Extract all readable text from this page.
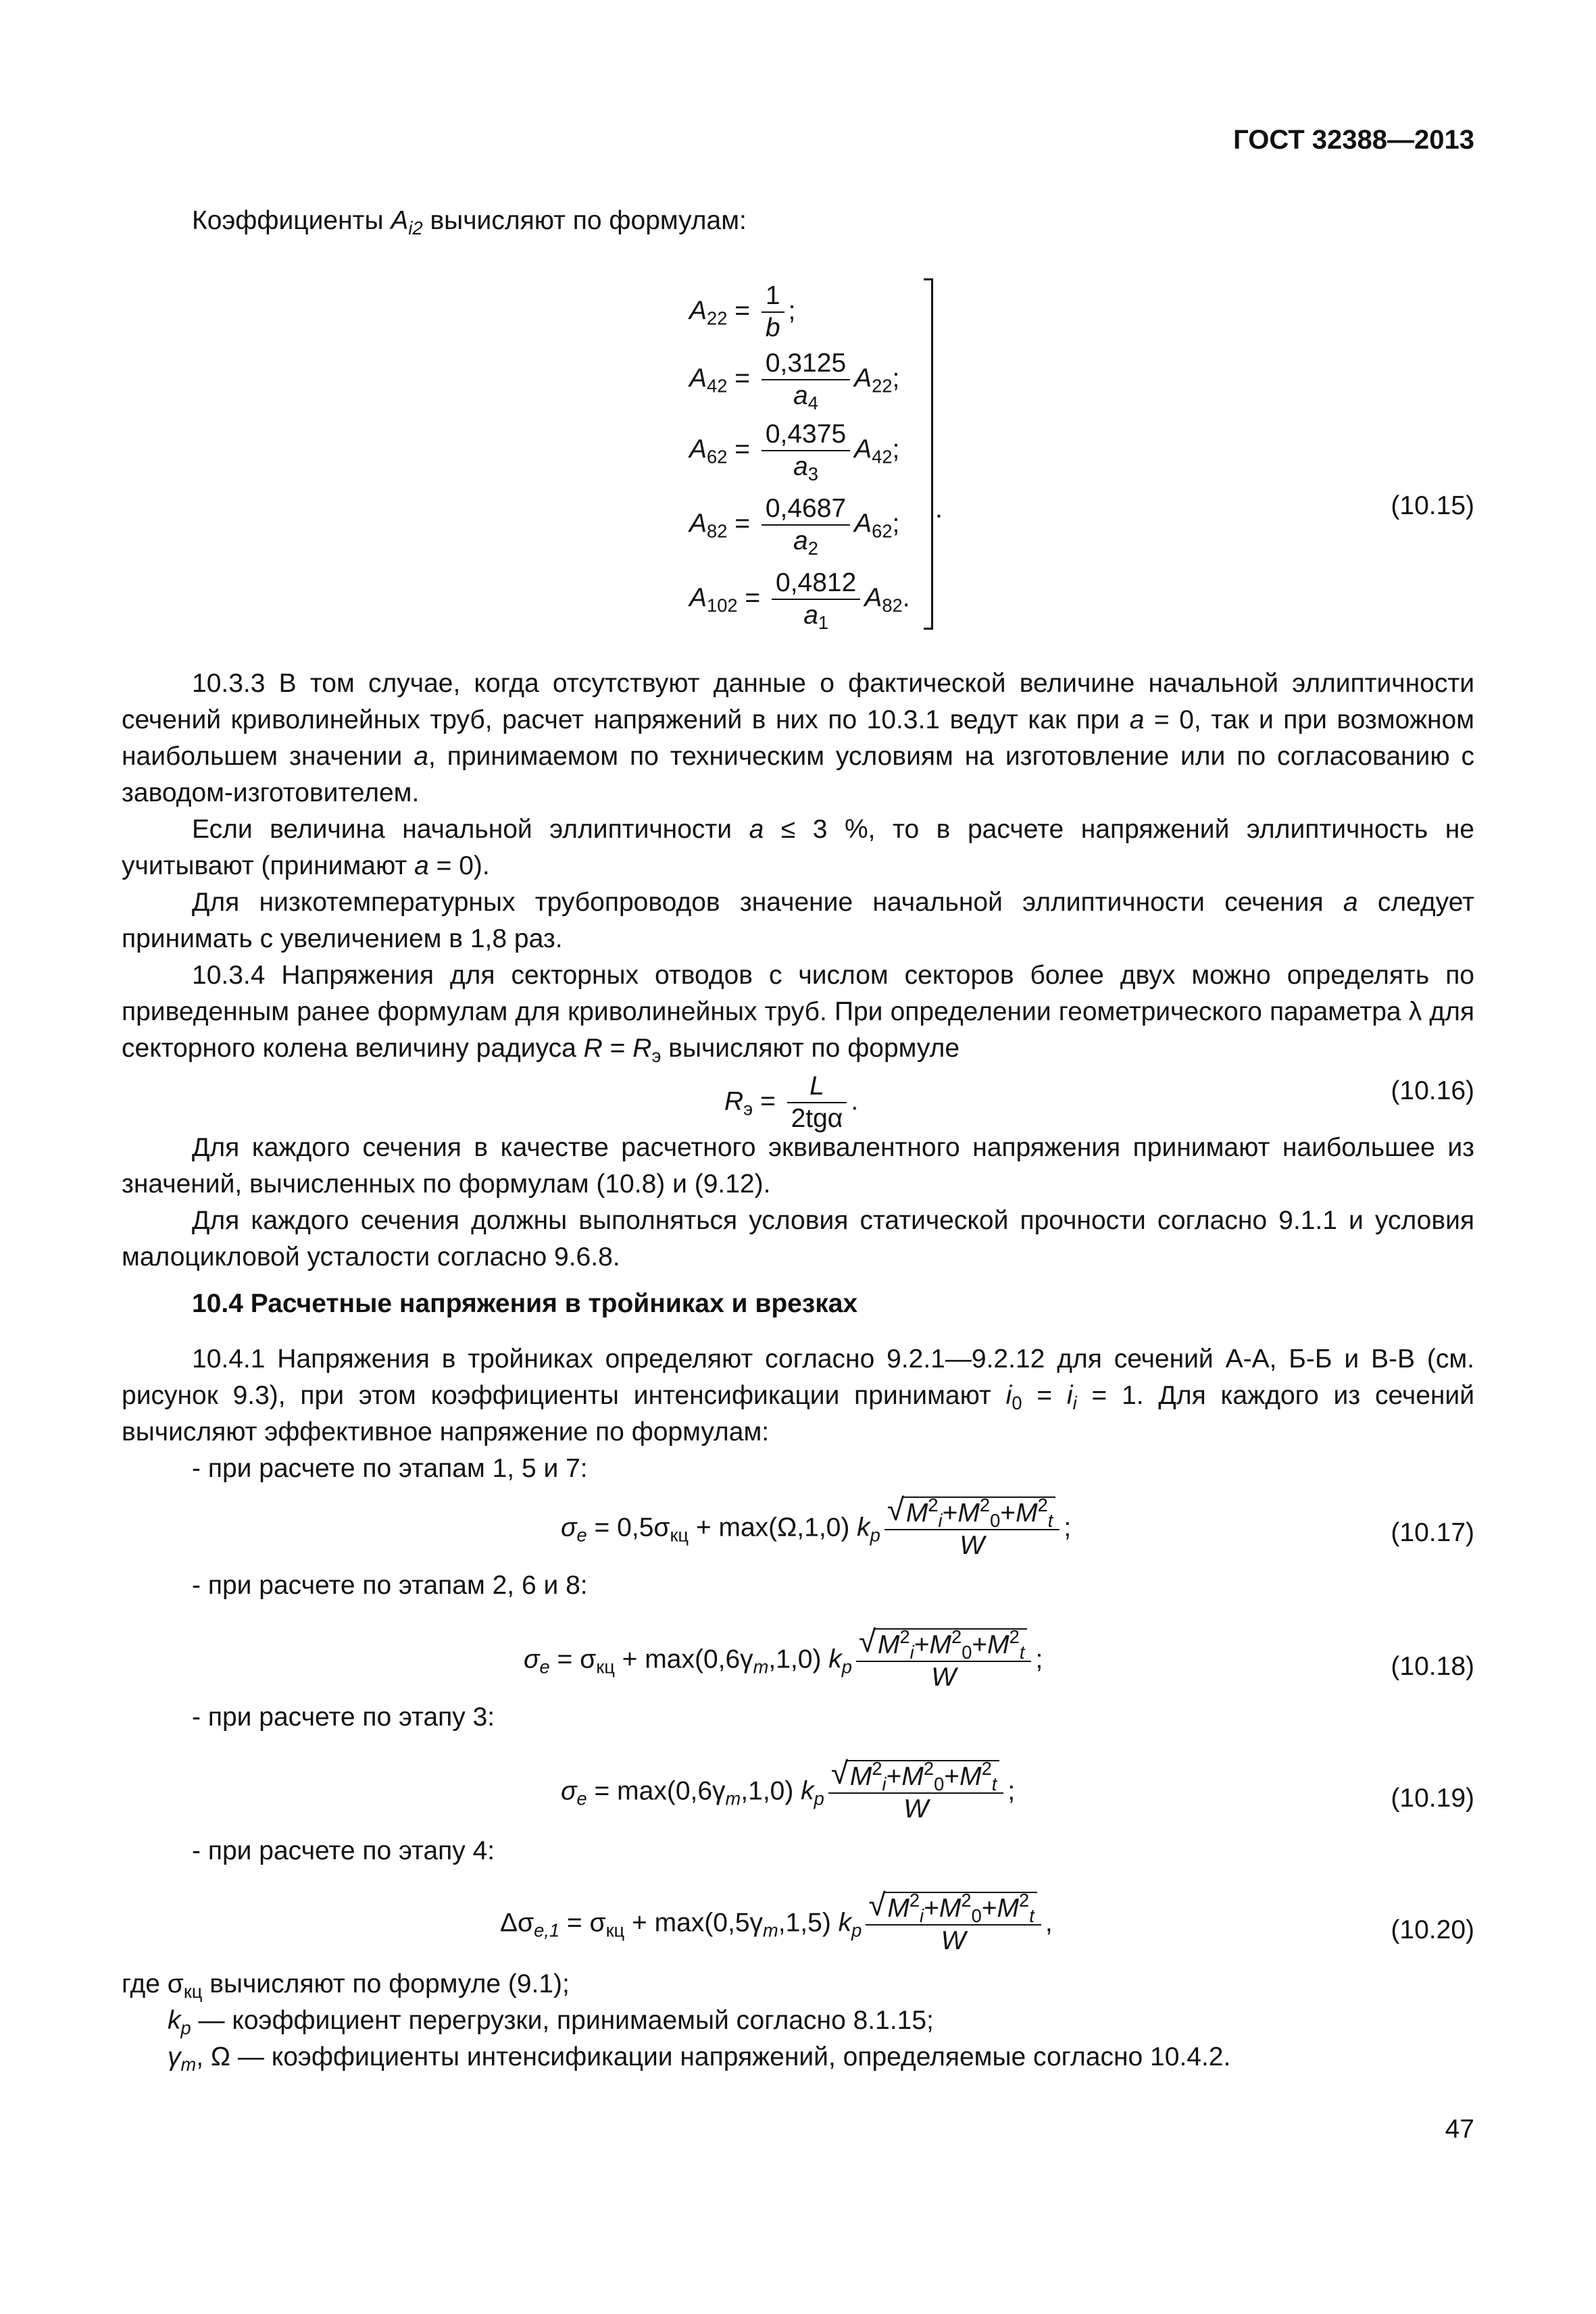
ГОСТ 32388—2013
Коэффициенты $A_{i2}$ вычисляют по формулам:
$A_{22} = \frac{1}{b}$ ;
$A_{42} = \frac{0,3125}{a_4} A_{22}$;
$A_{62} = \frac{0,4375}{a_3} A_{42}$;
$A_{82} = \frac{0,4687}{a_2} A_{62}$;
$A_{102} = \frac{0,4812}{a_1} A_{82}$.
.	(10.15)

10.3.3 В том случае, когда отсутствуют данные о фактической величине начальной эллиптичности сечений криволинейных труб, расчет напряжений в них по 10.3.1 ведут как при a = 0, так и при возможном наибольшем значении a, принимаемом по техническим условиям на изготовление или по согласованию с заводом-изготовителем.

Если величина начальной эллиптичности a ≤ 3 %, то в расчете напряжений эллиптичность не учитывают (принимают a = 0).

Для низкотемпературных трубопроводов значение начальной эллиптичности сечения a следует принимать с увеличением в 1,8 раз.

10.3.4 Напряжения для секторных отводов с числом секторов более двух можно определять по приведенным ранее формулам для криволинейных труб. При определении геометрического параметра λ для секторного колена величину радиуса $R = R_э$ вычисляют по формуле

$R_э = \frac{L}{\text{2tgα}}$ .	(10.16)

Для каждого сечения в качестве расчетного эквивалентного напряжения принимают наибольшее из значений, вычисленных по формулам (10.8) и (9.12).

Для каждого сечения должны выполняться условия статической прочности согласно 9.1.1 и условия малоцикловой усталости согласно 9.6.8.

10.4 Расчетные напряжения в тройниках и врезках

10.4.1 Напряжения в тройниках определяют согласно 9.2.1—9.2.12 для сечений А-А, Б-Б и В-В (см. рисунок 9.3), при этом коэффициенты интенсификации принимают $i_0 = i_i = 1$. Для каждого из сечений вычисляют эффективное напряжение по формулам:

- при расчете по этапам 1, 5 и 7:
$\sigma_e = 0,5\sigma_{кц} + \max(\Omega,1,0)$ $k_p$ √ $\frac{M^2_i+M^2_0+M^2_t}{W}$ ;	(10.17)
- при расчете по этапам 2, 6 и 8:
$\sigma_e = \sigma_{кц} + \max(0,6\gamma_m,1,0)$ $k_p$ √ $\frac{M^2_i+M^2_0+M^2_t}{W}$ ;	(10.18)
- при расчете по этапу 3:
$\sigma_e = \max(0,6\gamma_m,1,0)$ $k_p$ √ $\frac{M^2_i+M^2_0+M^2_t}{W}$ ;	(10.19)
- при расчете по этапу 4:
$\Delta\sigma_{e,1} = \sigma_{кц} + \max(0,5\gamma_m,1,5)$ $k_p$ √ $\frac{M^2_i+M^2_0+M^2_t}{W}$ ,	(10.20)
где $\sigma_{кц}$ вычисляют по формуле (9.1);
$k_p$ — коэффициент перегрузки, принимаемый согласно 8.1.15;
$\gamma_m$, Ω — коэффициенты интенсификации напряжений, определяемые согласно 10.4.2.
47
